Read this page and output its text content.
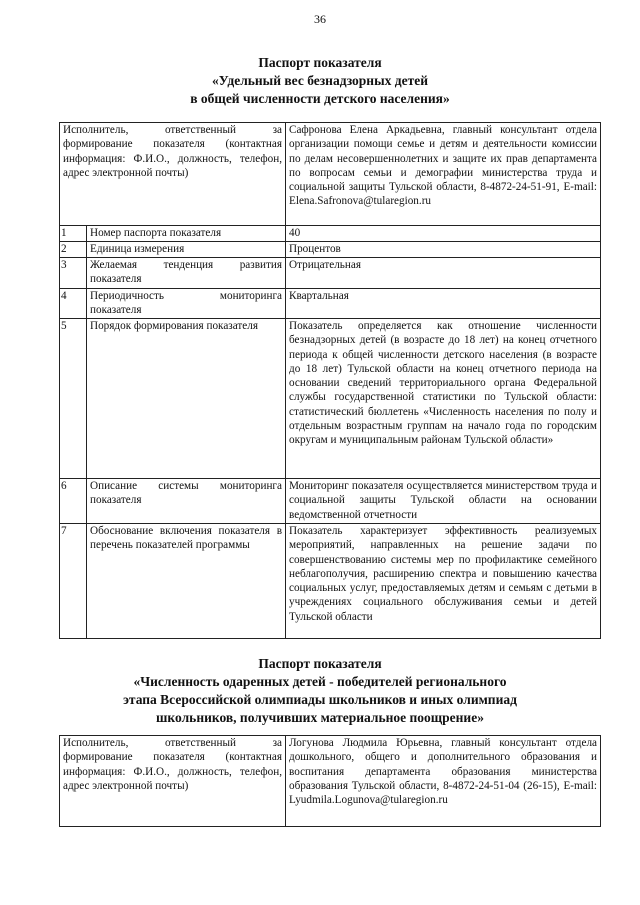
36
Паспорт показателя
«Удельный вес безнадзорных детей
в общей численности детского населения»
Исполнитель, ответственный за формирование показателя (контактная информация: Ф.И.О., должность, телефон, адрес электронной почты)		Сафронова Елена Аркадьевна, главный консультант отдела организации помощи семье и детям и деятельности комиссии по делам несовершеннолетних и защите их прав департамента по вопросам семьи и демографии министерства труда и социальной защиты Тульской области, 8-4872-24-51-91, E-mail: Elena.Safronova@tularegion.ru
1	Номер паспорта показателя	40
2	Единица измерения	Процентов
3	Желаемая тенденция развития показателя	Отрицательная
4	Периодичность мониторинга показателя	Квартальная
5	Порядок формирования показателя	Показатель определяется как отношение численности безнадзорных детей (в возрасте до 18 лет) на конец отчетного периода к общей численности детского населения (в возрасте до 18 лет) Тульской области на конец отчетного периода на основании сведений территориального органа Федеральной службы государственной статистики по Тульской области: статистический бюллетень «Численность населения по полу и отдельным возрастным группам на начало года по городским округам и муниципальным районам Тульской области»
6	Описание системы мониторинга показателя	Мониторинг показателя осуществляется министерством труда и социальной защиты Тульской области на основании ведомственной отчетности
7	Обоснование включения показателя в перечень показателей программы	Показатель характеризует эффективность реализуемых мероприятий, направленных на решение задачи по совершенствованию системы мер по профилактике семейного неблагополучия, расширению спектра и повышению качества социальных услуг, предоставляемых детям и семьям с детьми в учреждениях социального обслуживания семьи и детей Тульской области
Паспорт показателя
«Численность одаренных детей - победителей регионального
этапа Всероссийской олимпиады школьников и иных олимпиад
школьников, получивших материальное поощрение»
Исполнитель, ответственный за формирование показателя (контактная информация: Ф.И.О., должность, телефон, адрес электронной почты)	Логунова Людмила Юрьевна, главный консультант отдела дошкольного, общего и дополнительного образования и воспитания департамента образования министерства образования Тульской области, 8-4872-24-51-04 (26-15), E-mail: Lyudmila.Logunova@tularegion.ru
